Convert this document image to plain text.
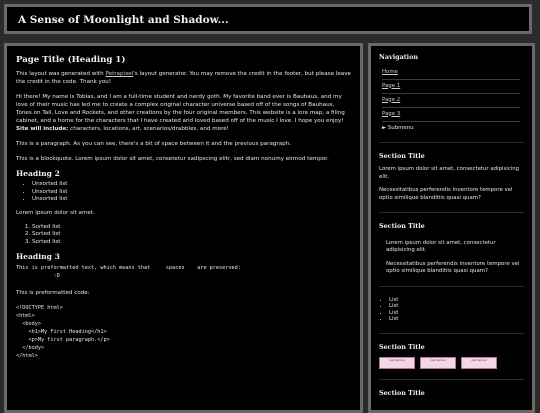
A Sense of Moonlight and Shadow...
Page Title (Heading 1)

This layout was generated with Petrapixel's layout generator. You may remove the credit in the footer, but please leave the credit in the code. Thank you!

Hi there! My name is Tobias, and I am a full-time student and nerdy goth. My favorite band ever is Bauhaus, and my love of their music has led me to create a complex original character universe based off of the songs of Bauhaus, Tones on Tail, Love and Rockets, and other creations by the four original members. This website is a lore map, a filing cabinet, and a home for the characters that I have created and loved based off of the music I love. I hope you enjoy! Site will include: characters, locations, art, scenarios/drabbles, and more!

This is a paragraph. As you can see, there's a bit of space between it and the previous paragraph.

This is a blockquote. Lorem ipsum dolor sit amet, consetetur sadipscing elitr, sed diam nonumy eirmod tempor.

Heading 2
• Unsorted list
• Unsorted list
• Unsorted list

Lorem ipsum dolor sit amet.

1. Sorted list
2. Sorted list
3. Sorted list
Heading 3
This is preformatted text, which means that     spaces    are preserved:
:D

This is preformatted code:

<!DOCTYPE html>
<html>
<body>
<h1>My First Heading</h1>
<p>My first paragraph.</p>
</body>
</html>
Navigation
Home
Page 1
Page 2
Page 3
► Submenu
Section Title

Lorem ipsum dolor sit amet, consectetur adipisicing elit.

Necessitatibus perferendis inventore tempore vel optio similique blanditiis quasi quam?

Section Title

Lorem ipsum dolor sit amet, consectetur adipisicing elit.

Necessitatibus perferendis inventore tempore vel optio similique blanditiis quasi quam?

• List
• List
• List
• List
Section Title
petrapixel	petrapixel	petrapixel
Section Title
